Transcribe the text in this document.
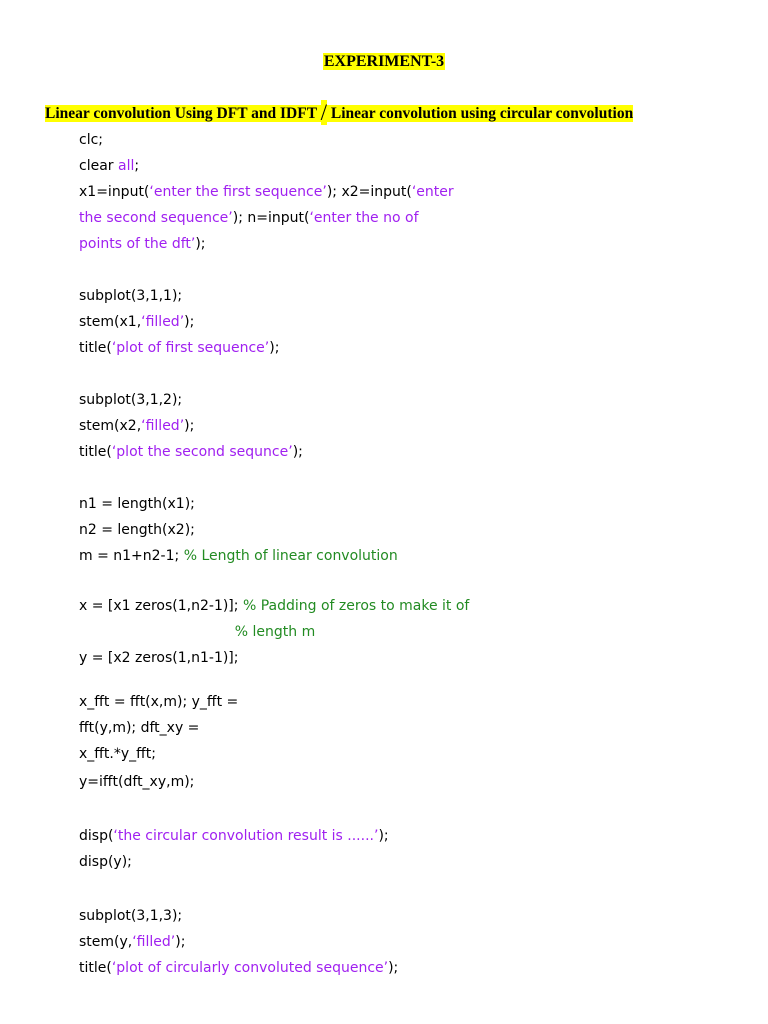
EXPERIMENT-3
Linear convolution Using DFT and IDFT / Linear convolution using circular convolution
clc;
clear all;
x1=input(‘enter the first sequence’); x2=input(‘enter
the second sequence’); n=input(‘enter the no of
points of the dft’);
subplot(3,1,1);
stem(x1,‘filled’);
title(‘plot of first sequence’);
subplot(3,1,2);
stem(x2,‘filled’);
title(‘plot the second sequnce’);
n1 = length(x1);
n2 = length(x2);
m = n1+n2-1; % Length of linear convolution
x = [x1 zeros(1,n2-1)]; % Padding of zeros to make it of
% length m
y = [x2 zeros(1,n1-1)];
x_fft = fft(x,m); y_fft =
fft(y,m); dft_xy =
x_fft.*y_fft;
y=ifft(dft_xy,m);
disp(‘the circular convolution result is ......’);
disp(y);
subplot(3,1,3);
stem(y,‘filled’);
title(‘plot of circularly convoluted sequence’);
